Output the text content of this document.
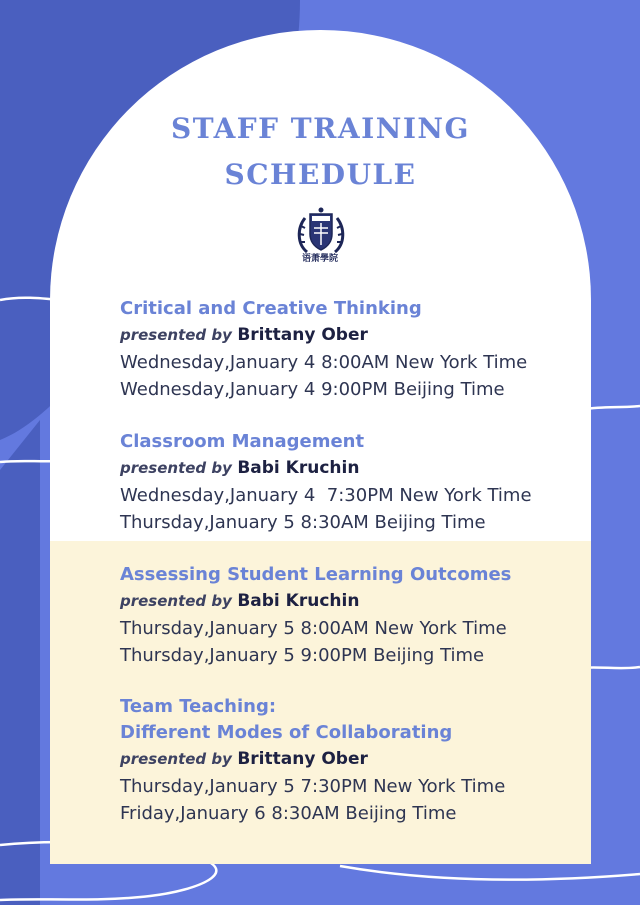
STAFF TRAINING
SCHEDULE
语萧學院
Critical and Creative Thinking
presented by Brittany Ober
Wednesday,January 4 8:00AM New York Time
Wednesday,January 4 9:00PM Beijing Time
Classroom Management
presented by Babi Kruchin
Wednesday,January 4  7:30PM New York Time
Thursday,January 5 8:30AM Beijing Time
Assessing Student Learning Outcomes
presented by Babi Kruchin
Thursday,January 5 8:00AM New York Time
Thursday,January 5 9:00PM Beijing Time
Team Teaching:
Different Modes of Collaborating
presented by Brittany Ober
Thursday,January 5 7:30PM New York Time
Friday,January 6 8:30AM Beijing Time
